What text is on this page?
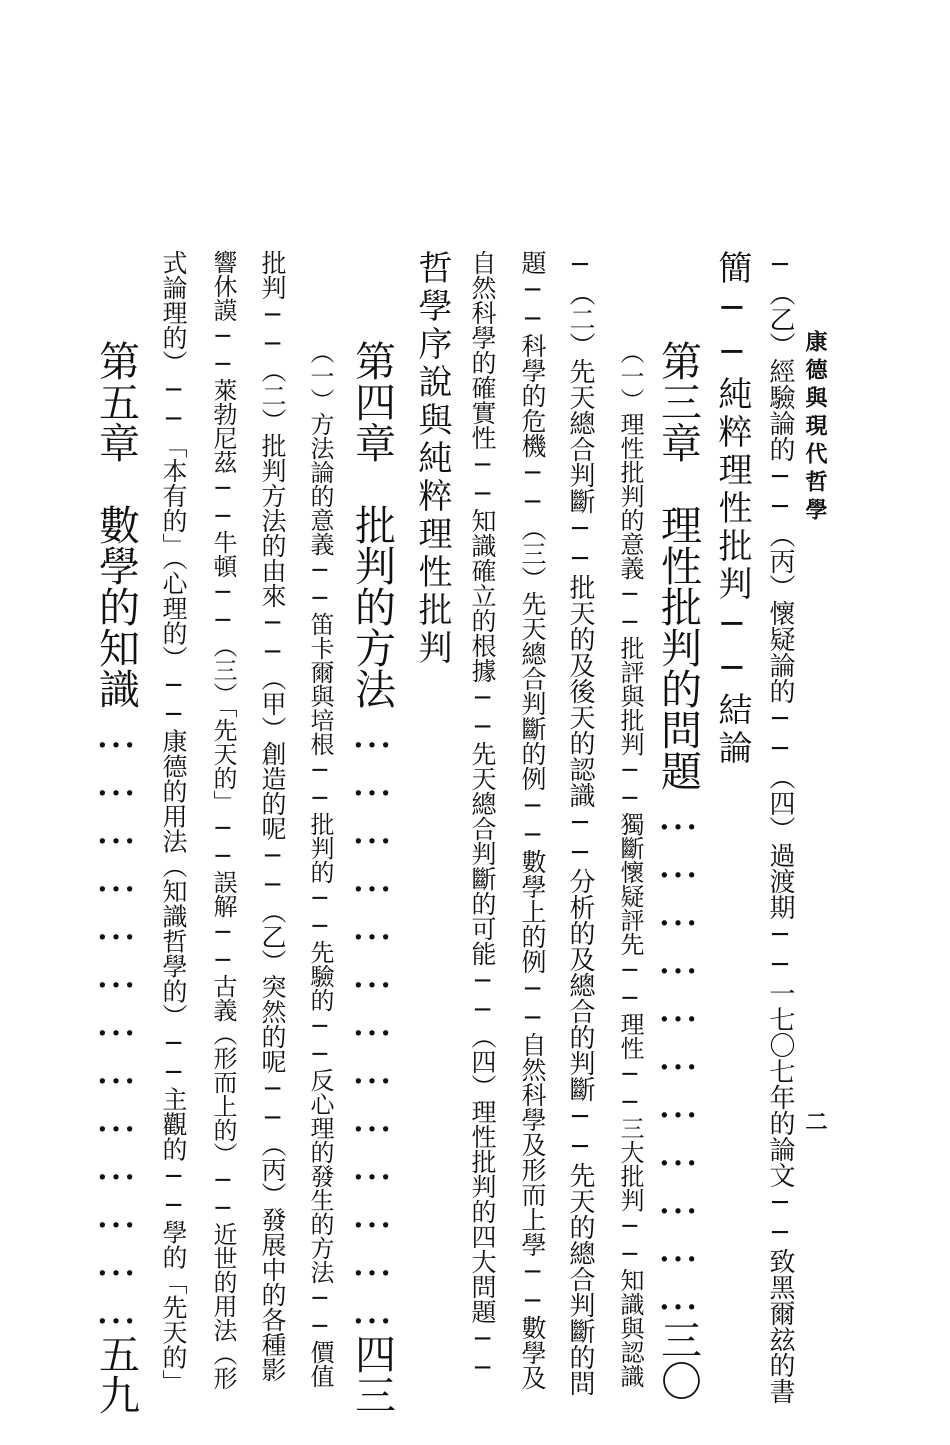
康德與現代哲學
二
─（乙）經驗論的──（丙）懷疑論的──（四）過渡期──一七〇七年的論文──致黑爾玆的書
簡──純粹理性批判──結論
第三章　理性批判的問題……………………………三〇
（一）理性批判的意義──批評與批判──獨斷懷疑評先──理性──三大批判──知識與認識
─（二）先天總合判斷──批天的及後天的認識──分析的及總合的判斷──先天的總合判斷的問
題──科學的危機──（三）先天總合判斷的例──數學上的例──自然科學及形而上學──數學及
自然科學的確實性──知識確立的根據──先天總合判斷的可能──（四）理性批判的四大問題──
哲學序說與純粹理性批判
第四章　批判的方法…………………………………四三
（一）方法論的意義──笛卡爾與培根──批判的──先驗的──反心理的發生的方法──價值
批判──（二）批判方法的由來──（甲）創造的呢──（乙）突然的呢──（丙）發展中的各種影
響休謨──萊勃尼茲──牛頓──（三）「先天的」──誤解──古義（形而上的）──近世的用法（形
式論理的）──「本有的」（心理的）──康德的用法（知識哲學的）──主觀的──學的「先天的」
第五章　數學的知識…………………………………五九
